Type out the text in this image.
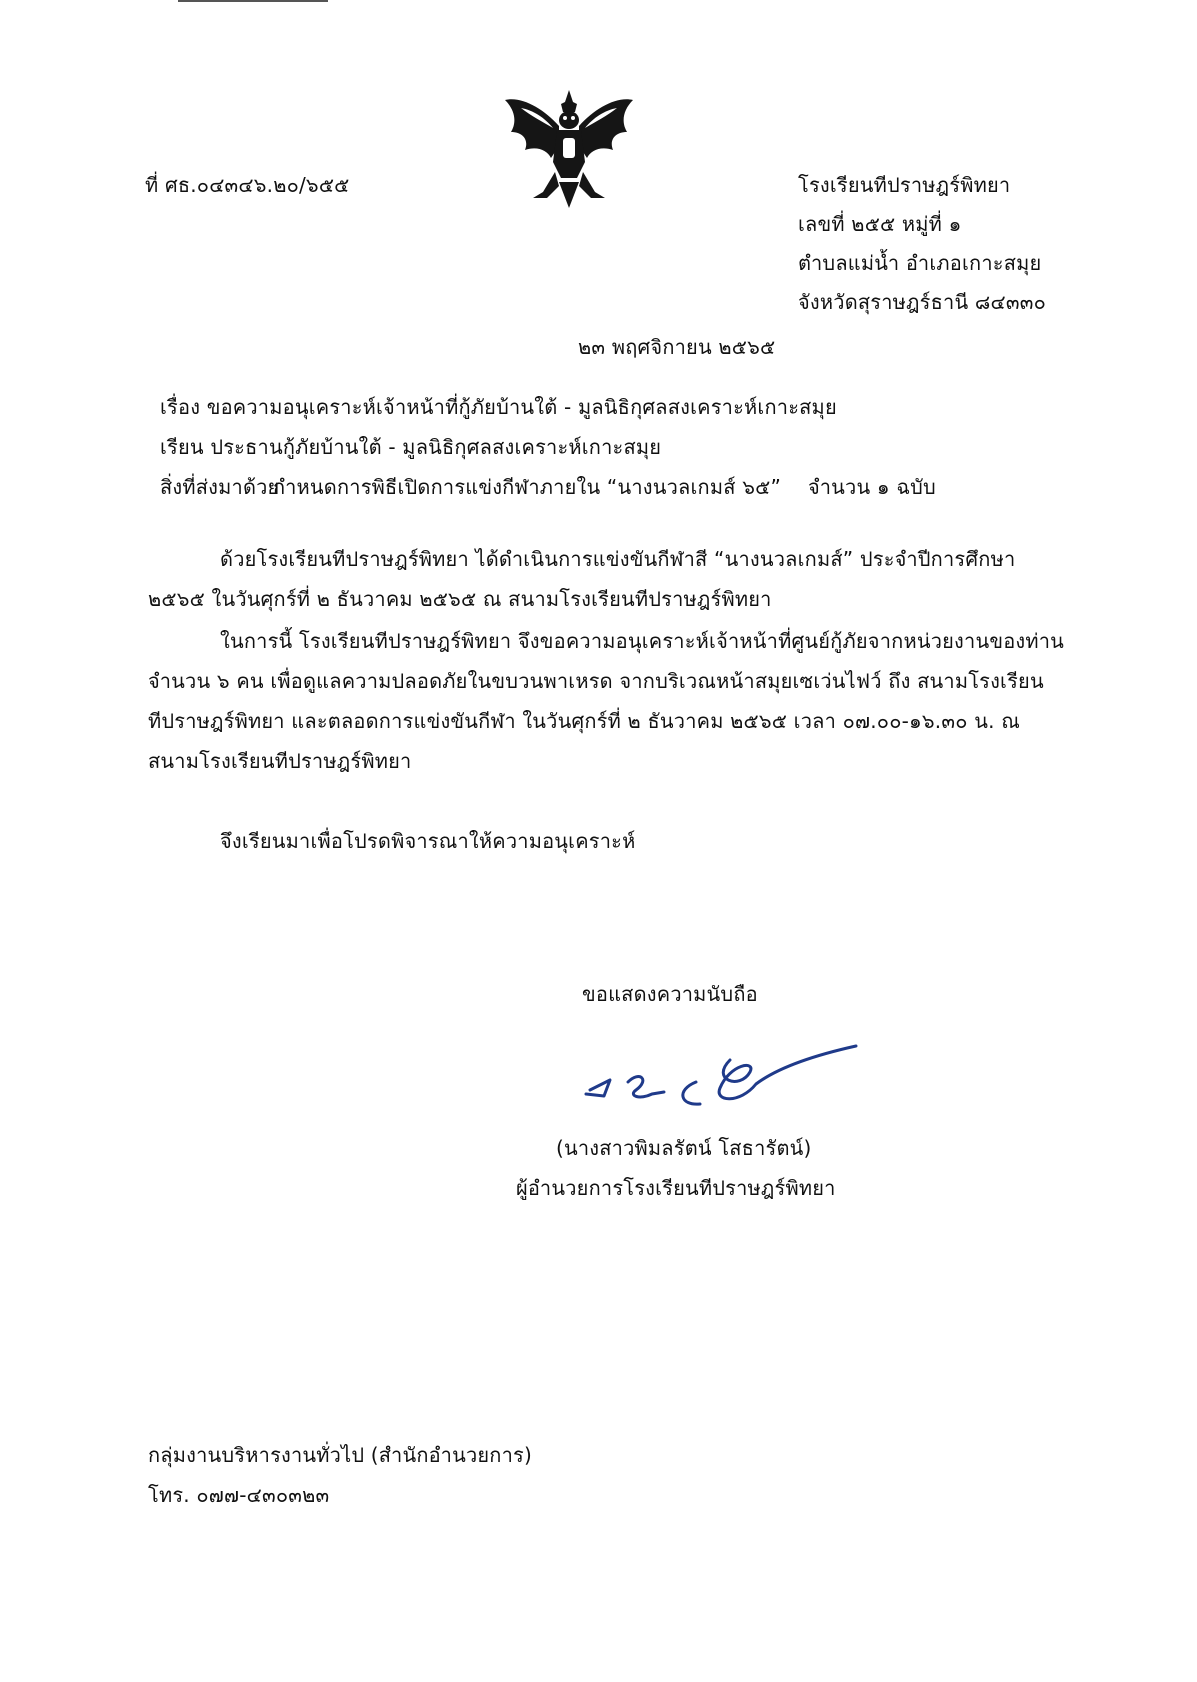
ที่ ศธ.๐๔๓๔๖.๒๐/๖๕๕	โรงเรียนทีปราษฎร์พิทยา
เลขที่ ๒๕๕ หมู่ที่ ๑
ตำบลแม่น้ำ อำเภอเกาะสมุย
จังหวัดสุราษฎร์ธานี ๘๔๓๓๐
๒๓ พฤศจิกายน ๒๕๖๕
เรื่อง ขอความอนุเคราะห์เจ้าหน้าที่กู้ภัยบ้านใต้ - มูลนิธิกุศลสงเคราะห์เกาะสมุย
เรียน ประธานกู้ภัยบ้านใต้ - มูลนิธิกุศลสงเคราะห์เกาะสมุย
สิ่งที่ส่งมาด้วย
กำหนดการพิธีเปิดการแข่งกีฬาภายใน “นางนวลเกมส์ ๖๕” จำนวน ๑ ฉบับ
ด้วยโรงเรียนทีปราษฎร์พิทยา ได้ดำเนินการแข่งขันกีฬาสี “นางนวลเกมส์” ประจำปีการศึกษา
๒๕๖๕ ในวันศุกร์ที่ ๒ ธันวาคม ๒๕๖๕ ณ สนามโรงเรียนทีปราษฎร์พิทยา
ในการนี้ โรงเรียนทีปราษฎร์พิทยา จึงขอความอนุเคราะห์เจ้าหน้าที่ศูนย์กู้ภัยจากหน่วยงานของท่าน
จำนวน ๖ คน เพื่อดูแลความปลอดภัยในขบวนพาเหรด จากบริเวณหน้าสมุยเซเว่นไฟว์ ถึง สนามโรงเรียน
ทีปราษฎร์พิทยา และตลอดการแข่งขันกีฬา ในวันศุกร์ที่ ๒ ธันวาคม ๒๕๖๕ เวลา ๐๗.๐๐-๑๖.๓๐ น. ณ
สนามโรงเรียนทีปราษฎร์พิทยา
จึงเรียนมาเพื่อโปรดพิจารณาให้ความอนุเคราะห์
ขอแสดงความนับถือ
(นางสาวพิมลรัตน์ โสธารัตน์)
ผู้อำนวยการโรงเรียนทีปราษฎร์พิทยา
กลุ่มงานบริหารงานทั่วไป (สำนักอำนวยการ)
โทร. ๐๗๗-๔๓๐๓๒๓
